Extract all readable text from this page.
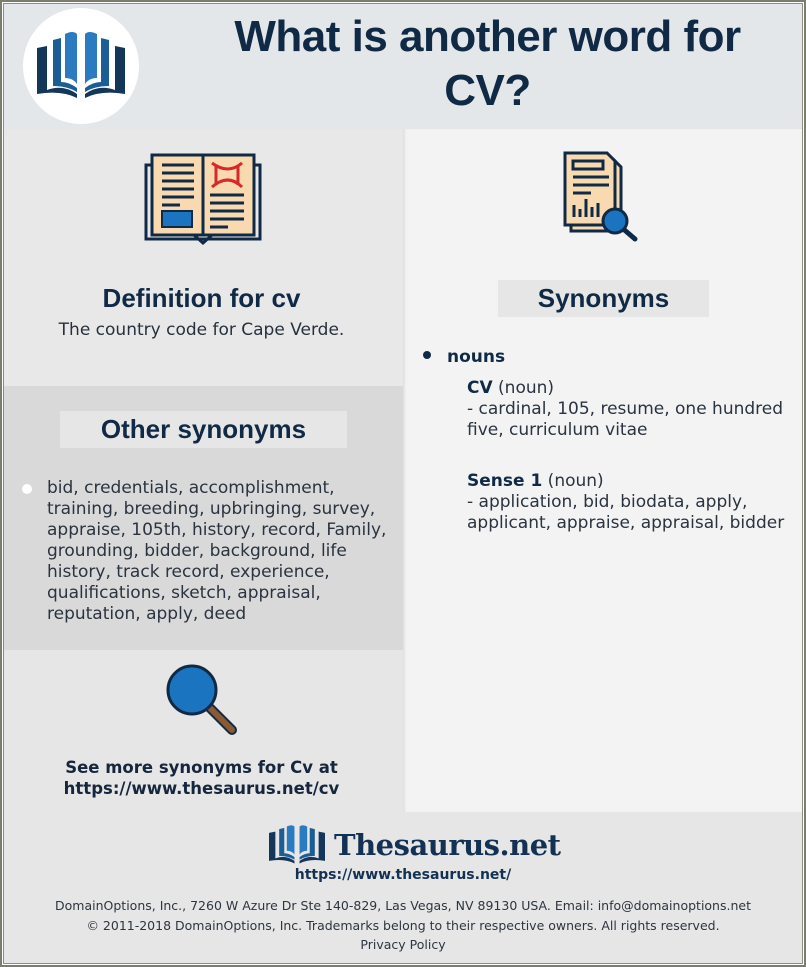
What is another word for CV?
Definition for cv
The country code for Cape Verde.
Other synonyms
bid, credentials, accomplishment, training, breeding, upbringing, survey, appraise, 105th, history, record, Family, grounding, bidder, background, life history, track record, experience, qualifications, sketch, appraisal, reputation, apply, deed
See more synonyms for Cv at
https://www.thesaurus.net/cv
Synonyms
nouns
CV (noun)
- cardinal, 105, resume, one hundred five, curriculum vitae
Sense 1 (noun)
- application, bid, biodata, apply, applicant, appraise, appraisal, bidder
Thesaurus.net
https://www.thesaurus.net/
DomainOptions, Inc., 7260 W Azure Dr Ste 140-829, Las Vegas, NV 89130 USA. Email: info@domainoptions.net
© 2011-2018 DomainOptions, Inc. Trademarks belong to their respective owners. All rights reserved.
Privacy Policy
